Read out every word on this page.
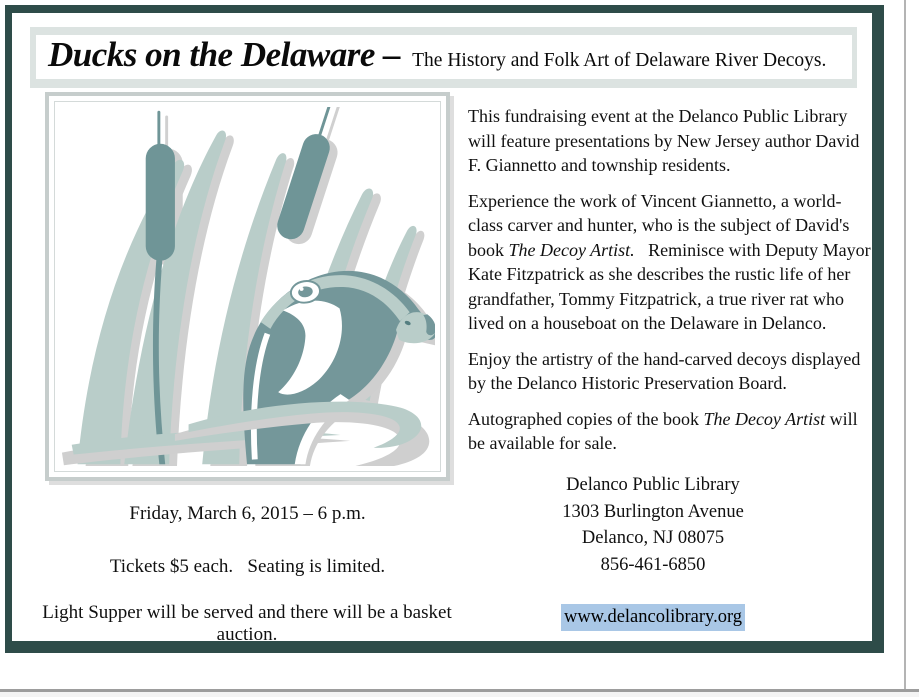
Ducks on the Delaware – The History and Folk Art of Delaware River Decoys.

This fundraising event at the Delanco Public Library will feature presentations by New Jersey author David F. Giannetto and township residents.

Experience the work of Vincent Giannetto, a world-class carver and hunter, who is the subject of David's book The Decoy Artist.   Reminisce with Deputy Mayor Kate Fitzpatrick as she describes the rustic life of her grandfather, Tommy Fitzpatrick, a true river rat who lived on a houseboat on the Delaware in Delanco.

Enjoy the artistry of the hand-carved decoys displayed by the Delanco Historic Preservation Board.

Autographed copies of the book The Decoy Artist will be available for sale.

Friday, March 6, 2015 – 6 p.m.
Tickets $5 each.   Seating is limited.
Light Supper will be served and there will be a basket  auction.
Delanco Public Library
1303 Burlington Avenue
Delanco, NJ 08075
856-461-6850
www.delancolibrary.org
